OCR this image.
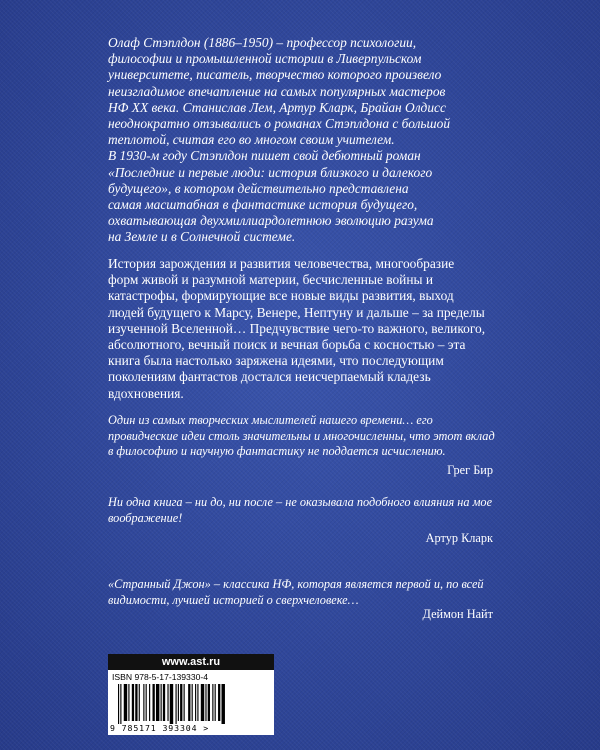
Олаф Стэплдон (1886–1950) – профессор психологии,

философии и промышленной истории в Ливерпульском

университете, писатель, творчество которого произвело

неизгладимое впечатление на самых популярных мастеров

НФ XX века. Станислав Лем, Артур Кларк, Брайан Олдисс

неоднократно отзывались о романах Стэплдона с большой

теплотой, считая его во многом своим учителем.

В 1930-м году Стэплдон пишет свой дебютный роман

«Последние и первые люди: история близкого и далекого

будущего», в котором действительно представлена

самая масштабная в фантастике история будущего,

охватывающая двухмиллиардолетнюю эволюцию разума

на Земле и в Солнечной системе.

История зарождения и развития человечества, многообразие

форм живой и разумной материи, бесчисленные войны и

катастрофы, формирующие все новые виды развития, выход

людей будущего к Марсу, Венере, Нептуну и дальше – за пределы

изученной Вселенной… Предчувствие чего-то важного, великого,

абсолютного, вечный поиск и вечная борьба с косностью – эта

книга была настолько заряжена идеями, что последующим

поколениям фантастов достался неисчерпаемый кладезь

вдохновения.

Один из самых творческих мыслителей нашего времени… его

провидческие идеи столь значительны и многочисленны, что этот вклад

в философию и научную фантастику не поддается исчислению.

Грег Бир

Ни одна книга – ни до, ни после – не оказывала подобного влияния на мое

воображение!

Артур Кларк

«Странный Джон» – классика НФ, которая является первой и, по всей

видимости, лучшей историей о сверхчеловеке…

Деймон Найт
www.ast.ru
ISBN 978-5-17-139330-4
9 785171 393304 >
